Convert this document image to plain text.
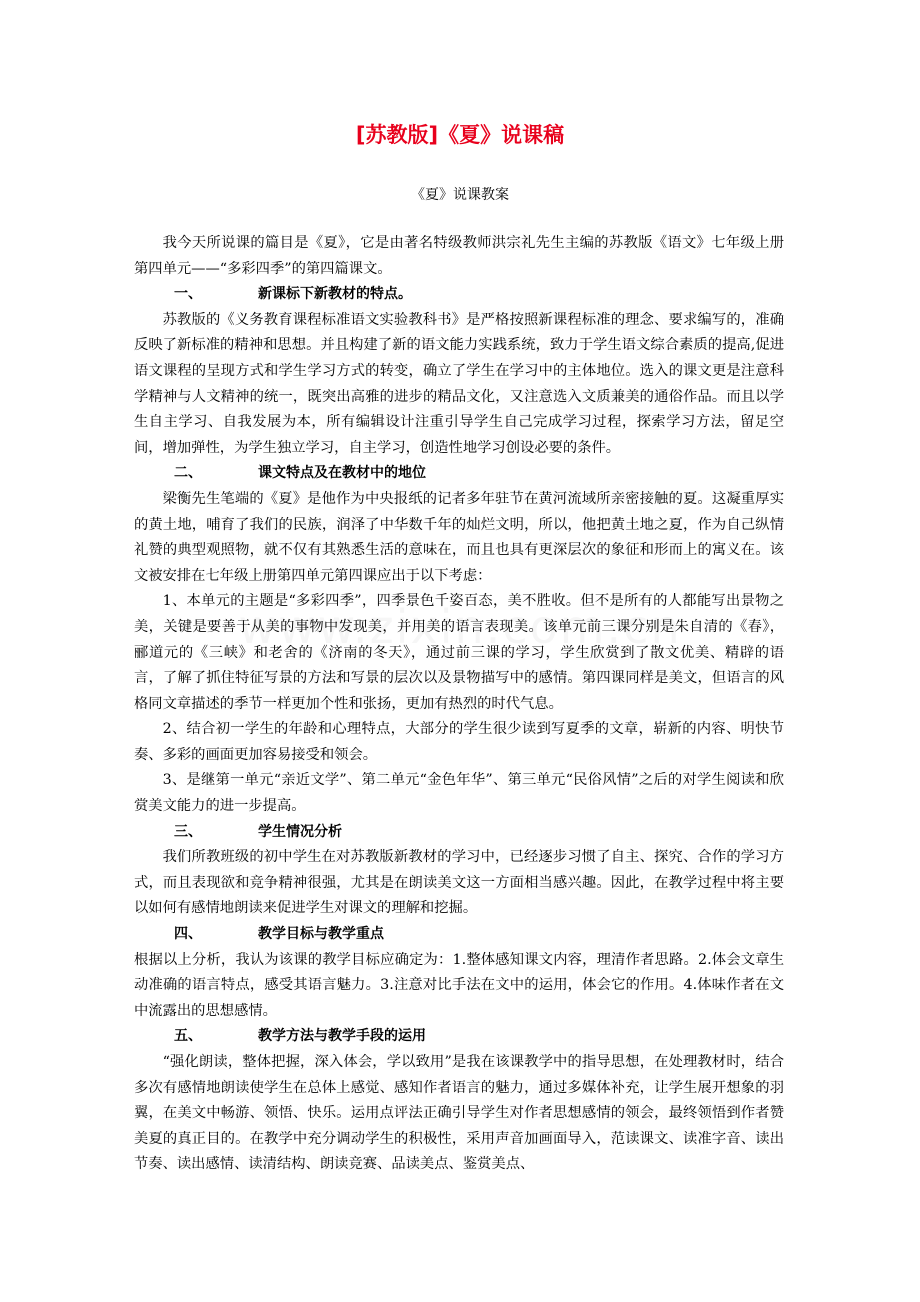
[苏教版]《夏》说课稿
《夏》说课教案

我今天所说课的篇目是《夏》，它是由著名特级教师洪宗礼先生主编的苏教版《语文》七年级上册第四单元——“多彩四季”的第四篇课文。

一、	新课标下新教材的特点。

苏教版的《义务教育课程标准语文实验教科书》是严格按照新课程标准的理念、要求编写的，准确反映了新标准的精神和思想。并且构建了新的语文能力实践系统，致力于学生语文综合素质的提高,促进语文课程的呈现方式和学生学习方式的转变，确立了学生在学习中的主体地位。选入的课文更是注意科学精神与人文精神的统一，既突出高雅的进步的精品文化，又注意选入文质兼美的通俗作品。而且以学生自主学习、自我发展为本，所有编辑设计注重引导学生自己完成学习过程，探索学习方法，留足空间，增加弹性，为学生独立学习，自主学习，创造性地学习创设必要的条件。

二、	课文特点及在教材中的地位

梁衡先生笔端的《夏》是他作为中央报纸的记者多年驻节在黄河流域所亲密接触的夏。这凝重厚实的黄土地，哺育了我们的民族，润泽了中华数千年的灿烂文明，所以，他把黄土地之夏，作为自己纵情礼赞的典型观照物，就不仅有其熟悉生活的意味在，而且也具有更深层次的象征和形而上的寓义在。该文被安排在七年级上册第四单元第四课应出于以下考虑：

1、本单元的主题是“多彩四季”，四季景色千姿百态，美不胜收。但不是所有的人都能写出景物之美，关键是要善于从美的事物中发现美，并用美的语言表现美。该单元前三课分别是朱自清的《春》，郦道元的《三峡》和老舍的《济南的冬天》，通过前三课的学习，学生欣赏到了散文优美、精辟的语言，了解了抓住特征写景的方法和写景的层次以及景物描写中的感情。第四课同样是美文，但语言的风格同文章描述的季节一样更加个性和张扬，更加有热烈的时代气息。

2、结合初一学生的年龄和心理特点，大部分的学生很少读到写夏季的文章，崭新的内容、明快节奏、多彩的画面更加容易接受和领会。

3、是继第一单元“亲近文学”、第二单元“金色年华”、第三单元“民俗风情”之后的对学生阅读和欣赏美文能力的进一步提高。

三、	学生情况分析

我们所教班级的初中学生在对苏教版新教材的学习中，已经逐步习惯了自主、探究、合作的学习方式，而且表现欲和竞争精神很强，尤其是在朗读美文这一方面相当感兴趣。因此，在教学过程中将主要以如何有感情地朗读来促进学生对课文的理解和挖掘。

四、	教学目标与教学重点

根据以上分析，我认为该课的教学目标应确定为：1.整体感知课文内容，理清作者思路。2.体会文章生动准确的语言特点，感受其语言魅力。3.注意对比手法在文中的运用，体会它的作用。4.体味作者在文中流露出的思想感情。

五、	教学方法与教学手段的运用

“强化朗读，整体把握，深入体会，学以致用”是我在该课教学中的指导思想，在处理教材时，结合多次有感情地朗读使学生在总体上感觉、感知作者语言的魅力，通过多媒体补充，让学生展开想象的羽翼，在美文中畅游、领悟、快乐。运用点评法正确引导学生对作者思想感情的领会，最终领悟到作者赞美夏的真正目的。在教学中充分调动学生的积极性，采用声音加画面导入，范读课文、读准字音、读出节奏、读出感情、读清结构、朗读竞赛、品读美点、鉴赏美点、
